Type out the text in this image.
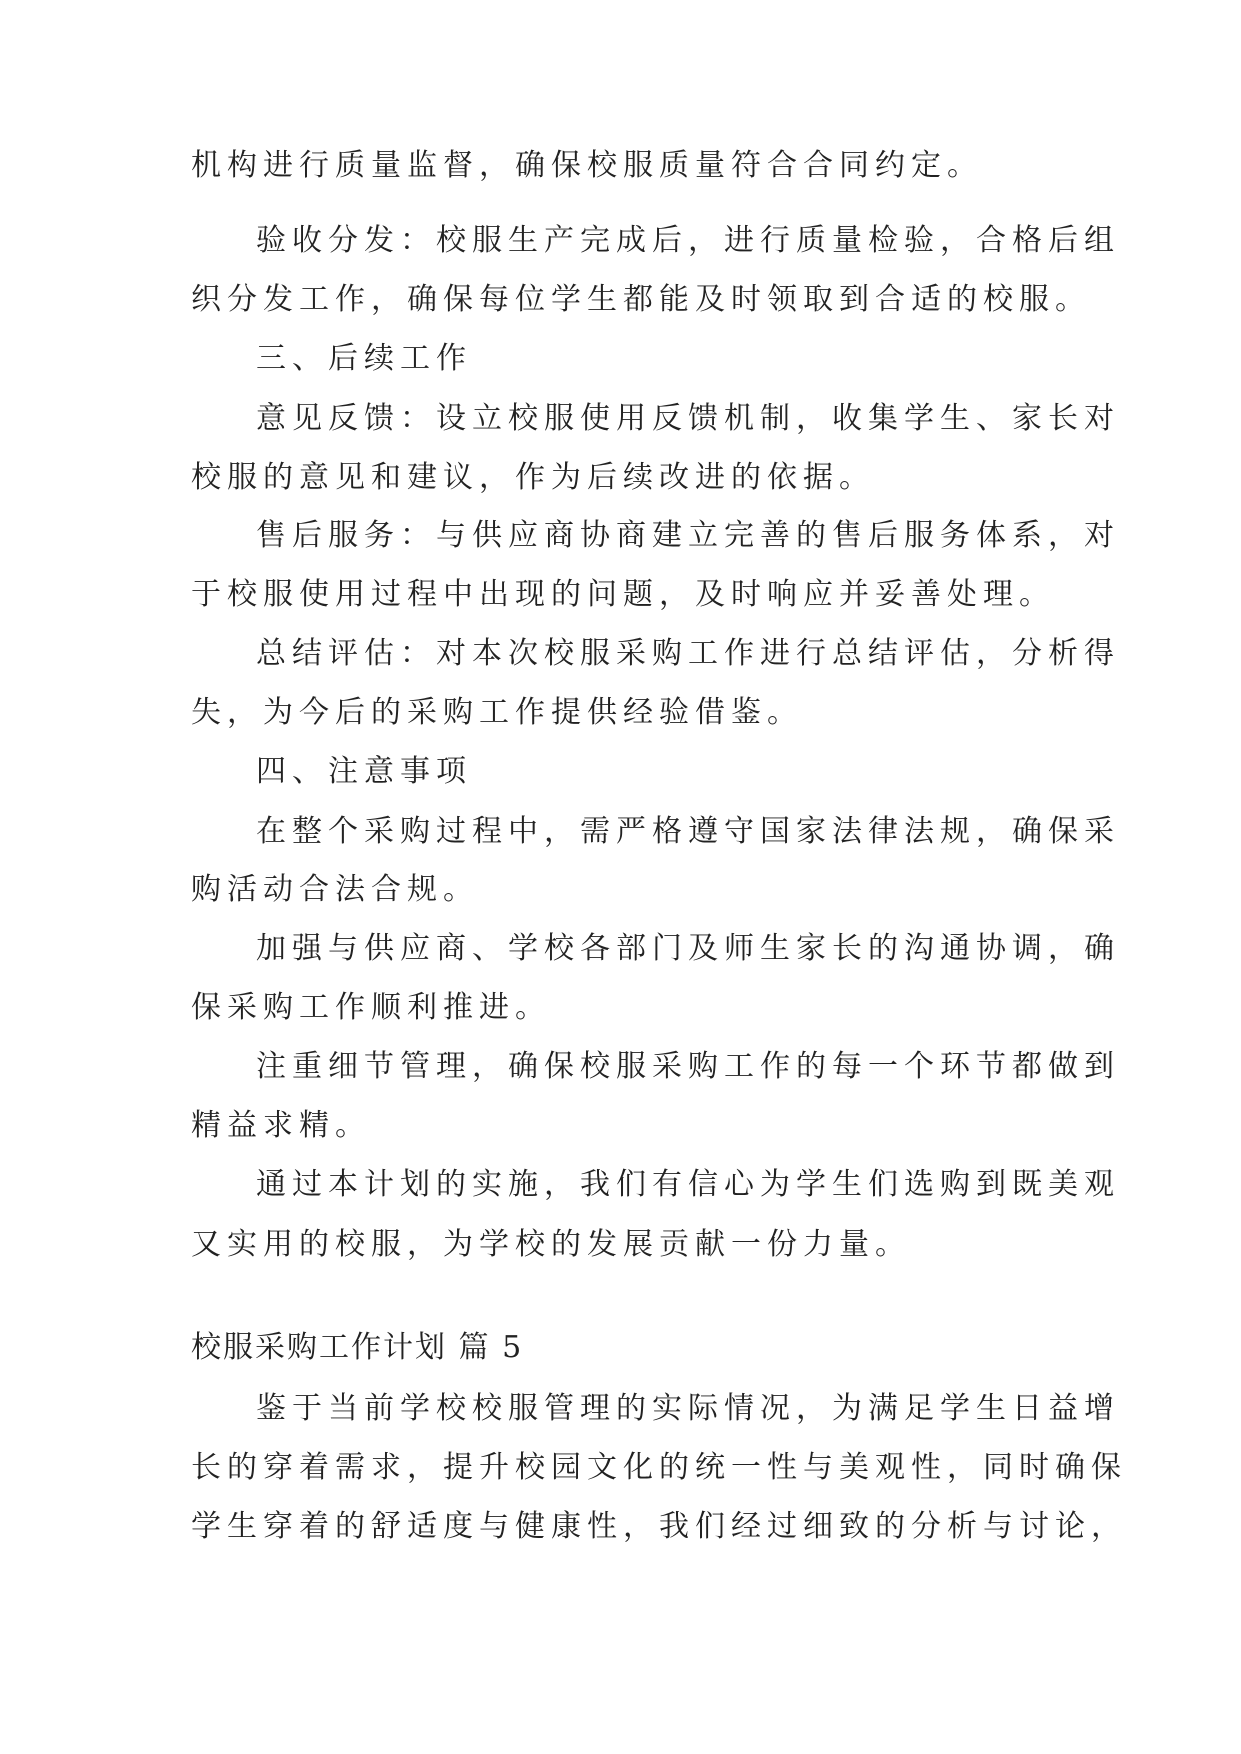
机构进行质量监督，确保校服质量符合合同约定。
验收分发：校服生产完成后，进行质量检验，合格后组
织分发工作，确保每位学生都能及时领取到合适的校服。
三、后续工作
意见反馈：设立校服使用反馈机制，收集学生、家长对
校服的意见和建议，作为后续改进的依据。
售后服务：与供应商协商建立完善的售后服务体系，对
于校服使用过程中出现的问题，及时响应并妥善处理。
总结评估：对本次校服采购工作进行总结评估，分析得
失，为今后的采购工作提供经验借鉴。
四、注意事项
在整个采购过程中，需严格遵守国家法律法规，确保采
购活动合法合规。
加强与供应商、学校各部门及师生家长的沟通协调，确
保采购工作顺利推进。
注重细节管理，确保校服采购工作的每一个环节都做到
精益求精。
通过本计划的实施，我们有信心为学生们选购到既美观
又实用的校服，为学校的发展贡献一份力量。
校服采购工作计划 篇 5
鉴于当前学校校服管理的实际情况，为满足学生日益增
长的穿着需求，提升校园文化的统一性与美观性，同时确保
学生穿着的舒适度与健康性，我们经过细致的分析与讨论，
